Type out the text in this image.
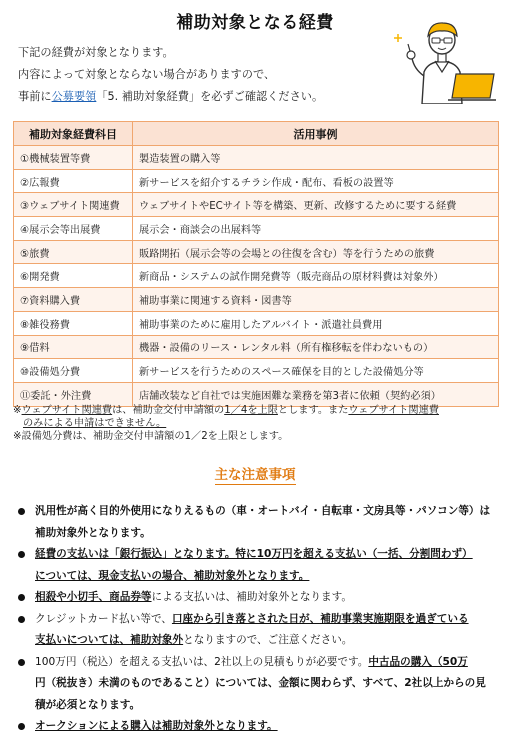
補助対象となる経費
下記の経費が対象となります。
内容によって対象とならない場合がありますので、
事前に公募要領「5. 補助対象経費」を必ずご確認ください。
補助対象経費科目	活用事例
①機械装置等費	製造装置の購入等
②広報費	新サービスを紹介するチラシ作成・配布、看板の設置等
③ウェブサイト関連費	ウェブサイトやECサイト等を構築、更新、改修するために要する経費
④展示会等出展費	展示会・商談会の出展料等
⑤旅費	販路開拓（展示会等の会場との往復を含む）等を行うための旅費
⑥開発費	新商品・システムの試作開発費等（販売商品の原材料費は対象外）
⑦資料購入費	補助事業に関連する資料・図書等
⑧雑役務費	補助事業のために雇用したアルバイト・派遣社員費用
⑨借料	機器・設備のリース・レンタル料（所有権移転を伴わないもの）
⑩設備処分費	新サービスを行うためのスペース確保を目的とした設備処分等
⑪委託・外注費	店舗改装など自社では実施困難な業務を第3者に依頼（契約必須）
※ウェブサイト関連費は、補助金交付申請額の1／4を上限とします。またウェブサイト関連費
のみによる申請はできません。
※設備処分費は、補助金交付申請額の1／2を上限とします。
主な注意事項
汎用性が高く目的外使用になりえるもの（車・オートバイ・自転車・文房具等・パソコン等）は
補助対象外となります。
経費の支払いは「銀行振込」となります。特に10万円を超える支払い（一括、分割問わず）
については、現金支払いの場合、補助対象外となります。
相殺や小切手、商品券等による支払いは、補助対象外となります。
クレジットカード払い等で、口座から引き落とされた日が、補助事業実施期限を過ぎている
支払いについては、補助対象外となりますので、ご注意ください。
100万円（税込）を超える支払いは、2社以上の見積もりが必要です。中古品の購入（50万
円（税抜き）未満のものであること）については、金額に関わらず、すべて、2社以上からの見
積が必須となります。
オークションによる購入は補助対象外となります。
